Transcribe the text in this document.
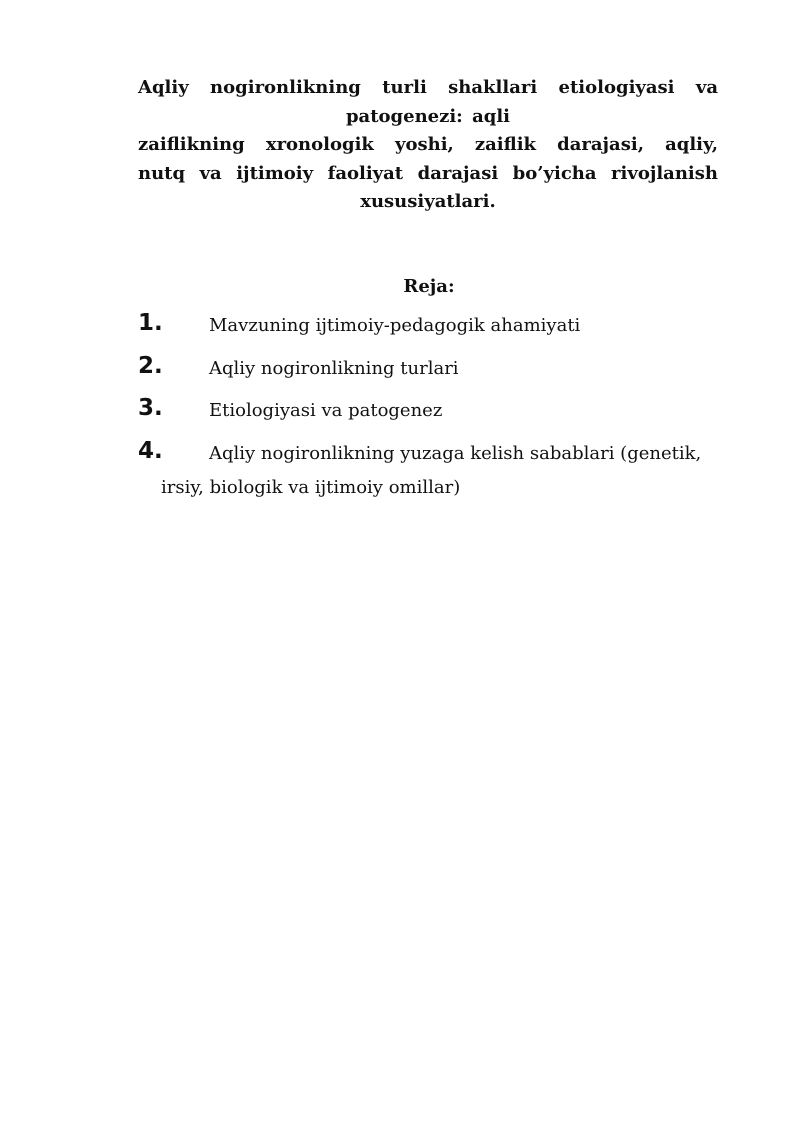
Aqliy nogironlikning turli shakllari etiologiyasi va
patogenezi: aqli
zaiflikning xronologik yoshi, zaiflik darajasi, aqliy,
nutq va ijtimoiy faoliyat darajasi bo’yicha rivojlanish
xususiyatlari.
Reja:
1.	Mavzuning ijtimoiy-pedagogik ahamiyati
2.	Aqliy nogironlikning turlari
3.	Etiologiyasi va patogenez
4.	Aqliy nogironlikning yuzaga kelish sabablari (genetik,
irsiy, biologik va ijtimoiy omillar)
